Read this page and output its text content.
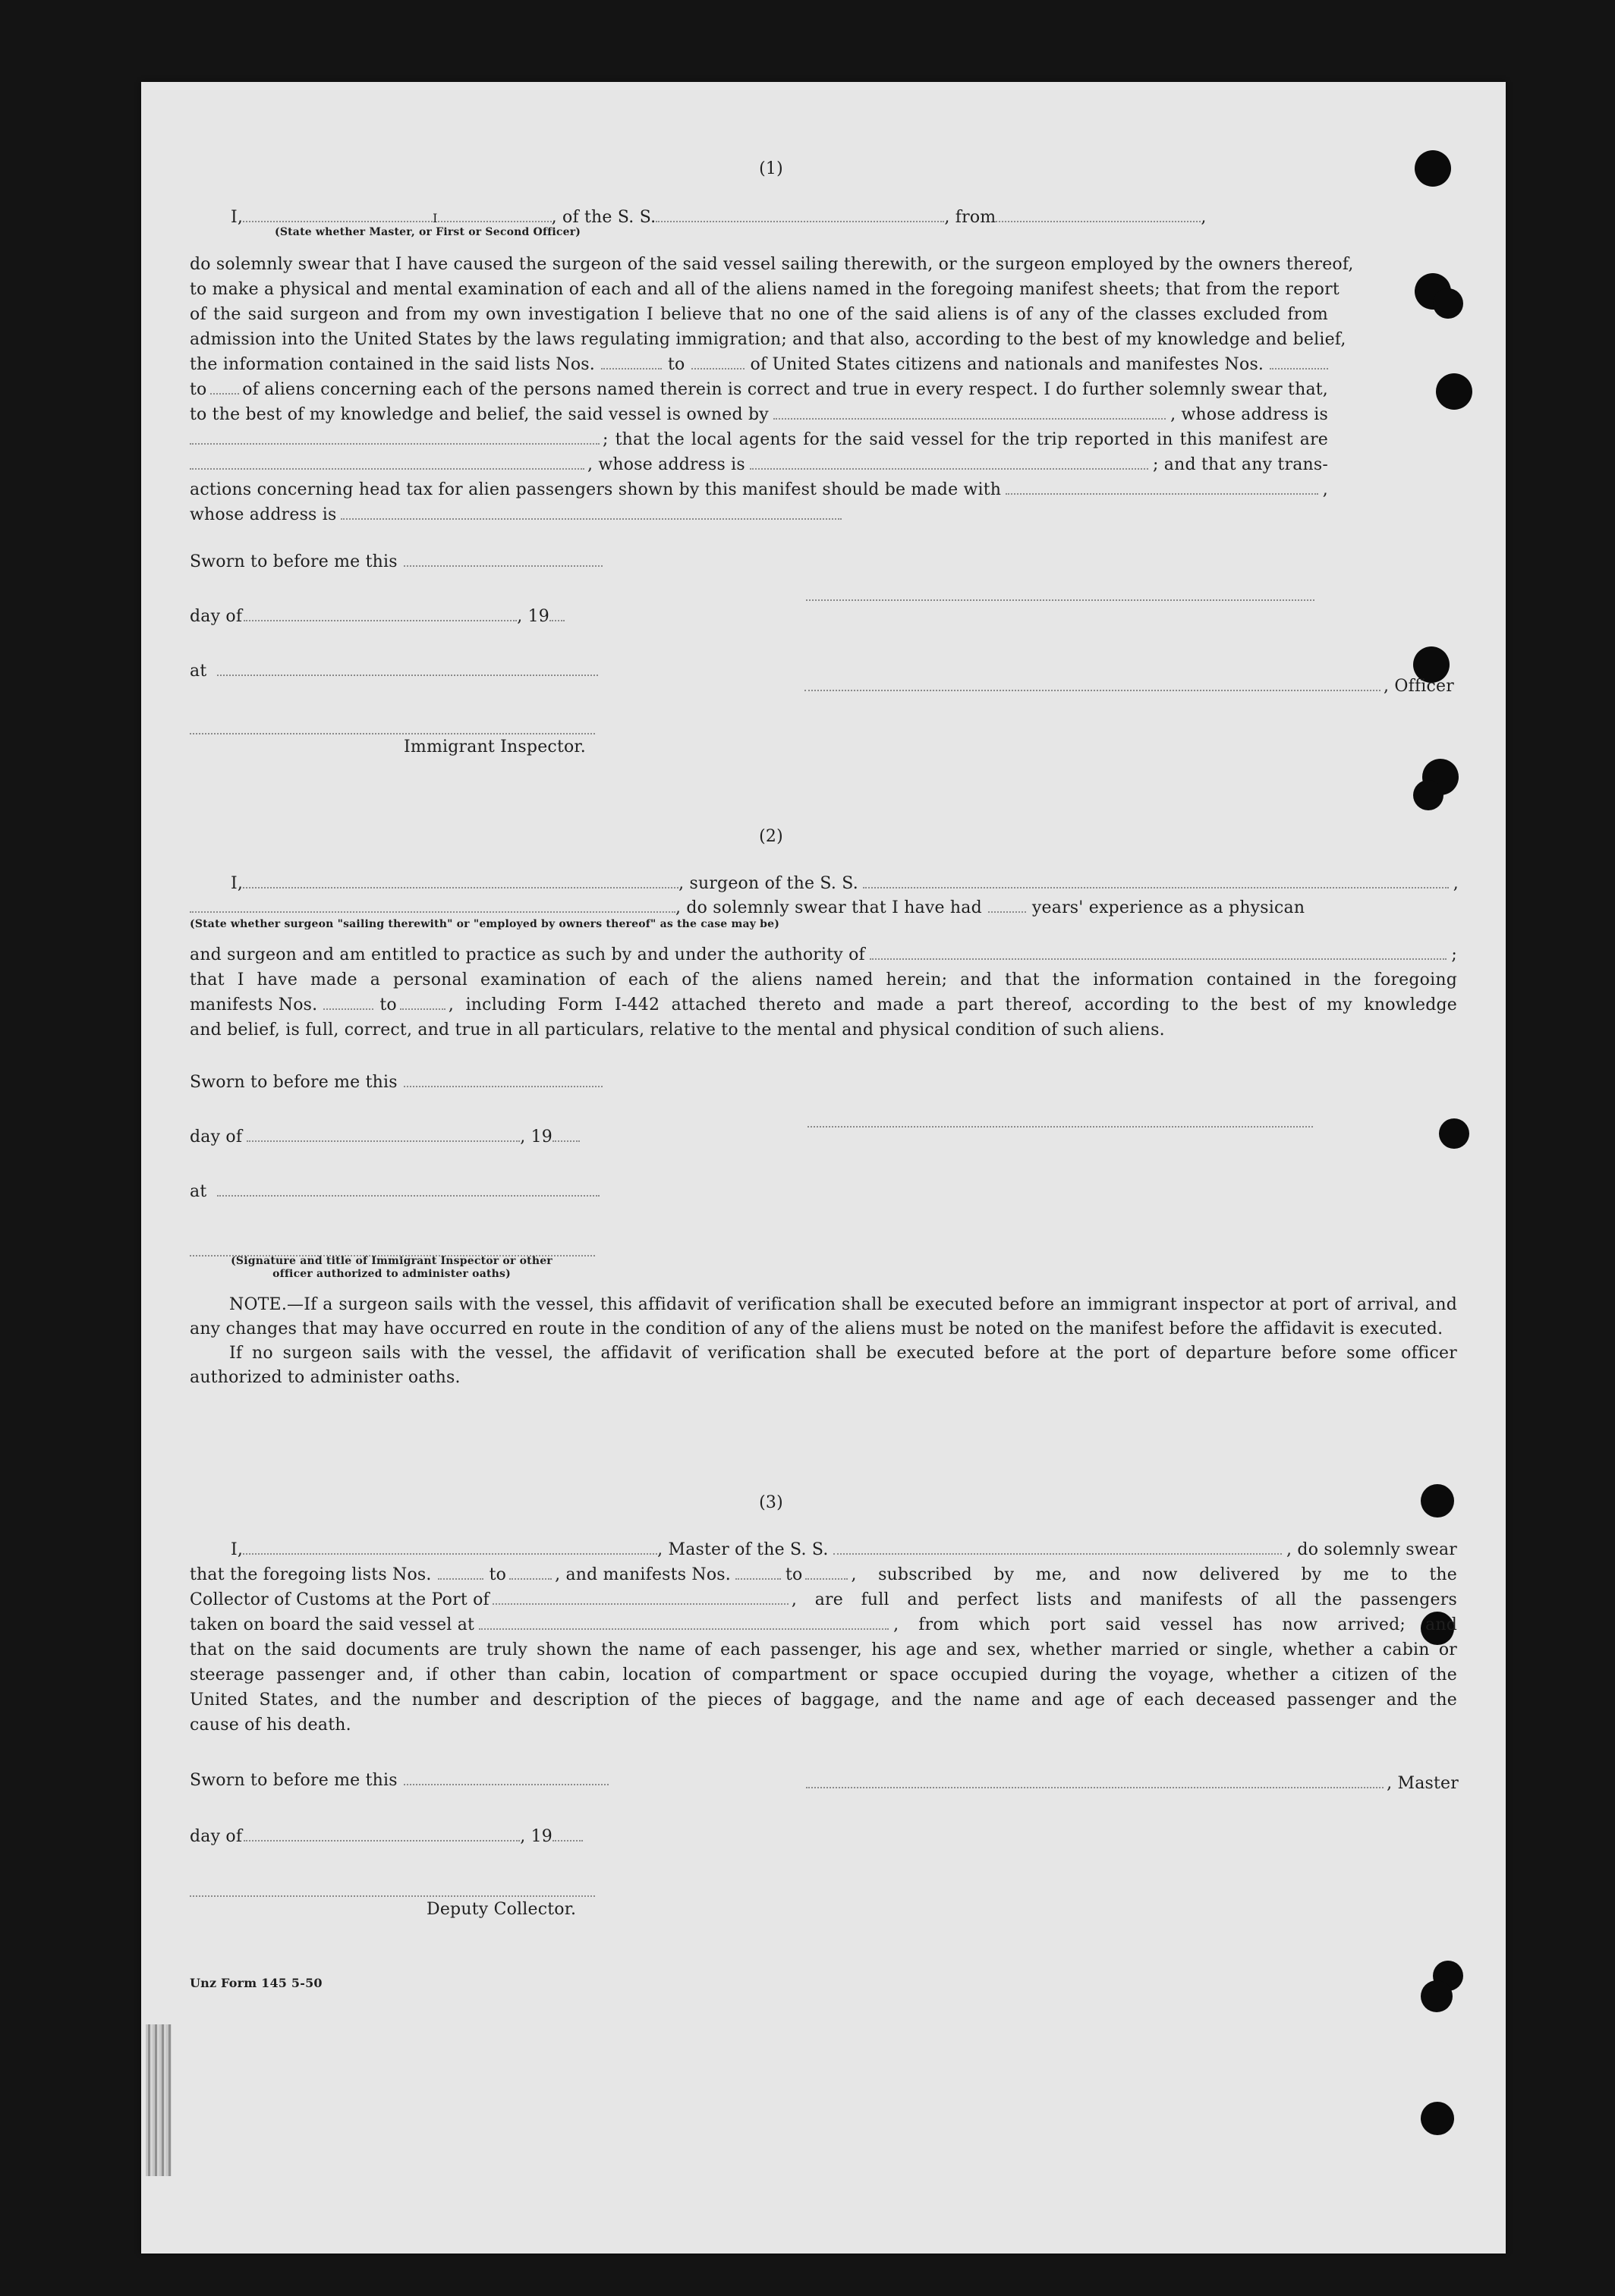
(1)
I,	I	, of the S. S.	, from	,
(State whether Master, or First or Second Officer)
do solemnly swear that I have caused the surgeon of the said vessel sailing therewith, or the surgeon employed by the owners thereof,
to make a physical and mental examination of each and all of the aliens named in the foregoing manifest sheets; that from the report
of the said surgeon and from my own investigation I believe that no one of the said aliens is of any of the classes excluded from
admission into the United States by the laws regulating immigration; and that also, according to the best of my knowledge and belief,
the information contained in the said lists Nos.	to	of United States citizens and nationals and manifestes Nos.
to of aliens concerning each of the persons named therein is correct and true in every respect. I do further solemnly swear that,
to the best of my knowledge and belief, the said vessel is owned by	, whose address is
; that the local agents for the said vessel for the trip reported in this manifest are
, whose address is	; and that any trans-
actions concerning head tax for alien passengers shown by this manifest should be made with	,
whose address is
Sworn to before me this
day of	, 19
at
, Officer
Immigrant Inspector.
(2)
I,	, surgeon of the S. S.	,
, do solemnly swear that I have had	years' experience as a physican
(State whether surgeon "sailing therewith" or "employed by owners thereof" as the case may be)
and surgeon and am entitled to practice as such by and under the authority of	;
that I have made a personal examination of each of the aliens named herein; and that the information contained in the foregoing
manifests Nos.	to	, including Form I-442 attached thereto and made a part thereof, according to the best of my knowledge
and belief, is full, correct, and true in all particulars, relative to the mental and physical condition of such aliens.
Sworn to before me this
day of	, 19
at
(Signature and title of Immigrant Inspector or other officer authorized to administer oaths)
NOTE.—If a surgeon sails with the vessel, this affidavit of verification shall be executed before an immigrant inspector at port of arrival, and any changes that may have occurred en route in the condition of any of the aliens must be noted on the manifest before the affidavit is executed.
If no surgeon sails with the vessel, the affidavit of verification shall be executed before at the port of departure before some officer authorized to administer oaths.
(3)
I,	, Master of the S. S.	, do solemnly swear
that the foregoing lists Nos.	to	, and manifests Nos.	to	, subscribed by me, and now delivered by me to the
Collector of Customs at the Port of	, are full and perfect lists and manifests of all the passengers
taken on board the said vessel at	, from which port said vessel has now arrived; and
that on the said documents are truly shown the name of each passenger, his age and sex, whether married or single, whether a cabin or
steerage passenger and, if other than cabin, location of compartment or space occupied during the voyage, whether a citizen of the
United States, and the number and description of the pieces of baggage, and the name and age of each deceased passenger and the
cause of his death.
Sworn to before me this	, Master
day of	, 19
Deputy Collector.
Unz Form 145 5-50
